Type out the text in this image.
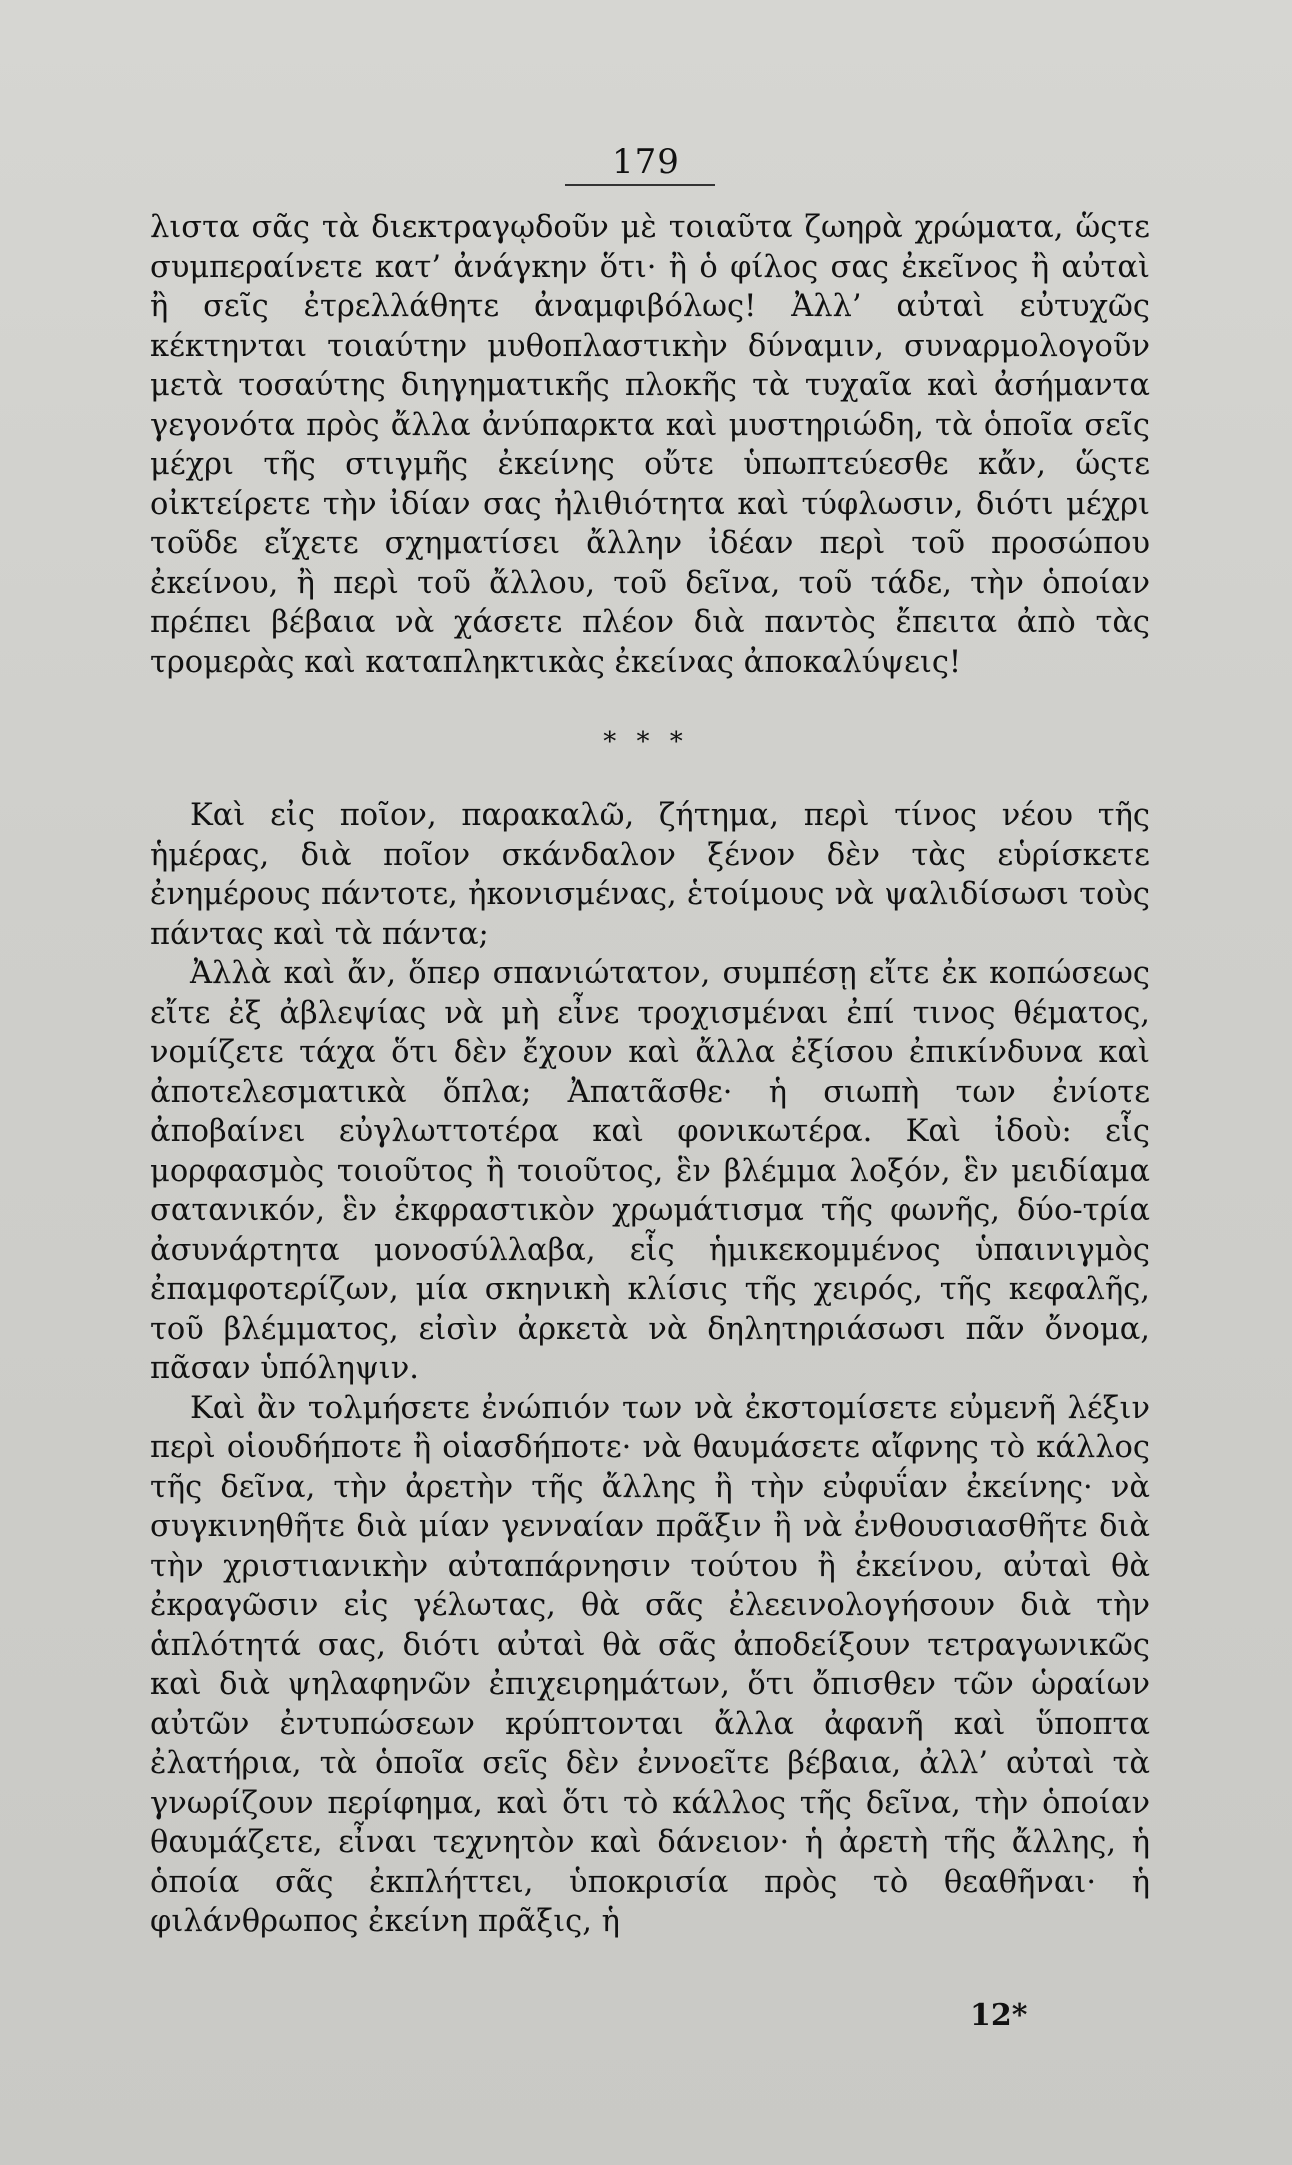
179

λιστα σᾶς τὰ διεκτραγῳδοῦν μὲ τοιαῦτα ζωηρὰ χρώματα, ὥςτε συμπεραίνετε κατ’ ἀνάγκην ὅτι· ἢ ὁ φίλος σας ἐκεῖνος ἢ αὐταὶ ἢ σεῖς ἐτρελλάθητε ἀναμφιβόλως! Ἀλλ’ αὐταὶ εὐτυχῶς κέκτηνται τοιαύτην μυθοπλαστικὴν δύναμιν, συναρμολογοῦν μετὰ τοσαύτης διηγηματικῆς πλοκῆς τὰ τυχαῖα καὶ ἀσήμαντα γεγονότα πρὸς ἄλλα ἀνύπαρκτα καὶ μυστηριώδη, τὰ ὁποῖα σεῖς μέχρι τῆς στιγμῆς ἐκείνης οὔτε ὑπωπτεύεσθε κἄν, ὥςτε οἰκτείρετε τὴν ἰδίαν σας ἠλιθιότητα καὶ τύφλωσιν, διότι μέχρι τοῦδε εἴχετε σχηματίσει ἄλλην ἰδέαν περὶ τοῦ προσώπου ἐκείνου, ἢ περὶ τοῦ ἄλλου, τοῦ δεῖνα, τοῦ τάδε, τὴν ὁποίαν πρέπει βέβαια νὰ χάσετε πλέον διὰ παντὸς ἔπειτα ἀπὸ τὰς τρομερὰς καὶ καταπληκτικὰς ἐκείνας ἀποκαλύψεις!

* * *

Καὶ εἰς ποῖον, παρακαλῶ, ζήτημα, περὶ τίνος νέου τῆς ἡμέρας, διὰ ποῖον σκάνδαλον ξένον δὲν τὰς εὑρίσκετε ἐνημέρους πάντοτε, ἠκονισμένας, ἑτοίμους νὰ ψαλιδίσωσι τοὺς πάντας καὶ τὰ πάντα;

Ἀλλὰ καὶ ἄν, ὅπερ σπανιώτατον, συμπέσῃ εἴτε ἐκ κοπώσεως εἴτε ἐξ ἀβλεψίας νὰ μὴ εἶνε τροχισμέναι ἐπί τινος θέματος, νομίζετε τάχα ὅτι δὲν ἔχουν καὶ ἄλλα ἐξίσου ἐπικίνδυνα καὶ ἀποτελεσματικὰ ὅπλα; Ἀπατᾶσθε· ἡ σιωπὴ των ἐνίοτε ἀποβαίνει εὐγλωττοτέρα καὶ φονικωτέρα. Καὶ ἰδοὺ: εἷς μορφασμὸς τοιοῦτος ἢ τοιοῦτος, ἓν βλέμμα λοξόν, ἓν μειδίαμα σατανικόν, ἓν ἐκφραστικὸν χρωμάτισμα τῆς φωνῆς, δύο-τρία ἀσυνάρτητα μονοσύλλαβα, εἷς ἡμικεκομμένος ὑπαινιγμὸς ἐπαμφοτερίζων, μία σκηνικὴ κλίσις τῆς χειρός, τῆς κεφαλῆς, τοῦ βλέμματος, εἰσὶν ἀρκετὰ νὰ δηλητηριάσωσι πᾶν ὄνομα, πᾶσαν ὑπόληψιν.

Καὶ ἂν τολμήσετε ἐνώπιόν των νὰ ἐκστομίσετε εὐμενῆ λέξιν περὶ οἱουδήποτε ἢ οἱασδήποτε· νὰ θαυμάσετε αἴφνης τὸ κάλλος τῆς δεῖνα, τὴν ἀρετὴν τῆς ἄλλης ἢ τὴν εὐφυΐαν ἐκείνης· νὰ συγκινηθῆτε διὰ μίαν γενναίαν πρᾶξιν ἢ νὰ ἐνθουσιασθῆτε διὰ τὴν χριστιανικὴν αὐταπάρνησιν τούτου ἢ ἐκείνου, αὐταὶ θὰ ἐκραγῶσιν εἰς γέλωτας, θὰ σᾶς ἐλεεινολογήσουν διὰ τὴν ἁπλότητά σας, διότι αὐταὶ θὰ σᾶς ἀποδείξουν τετραγωνικῶς καὶ διὰ ψηλαφηνῶν ἐπιχειρημάτων, ὅτι ὄπισθεν τῶν ὡραίων αὐτῶν ἐντυπώσεων κρύπτονται ἄλλα ἀφανῆ καὶ ὕποπτα ἐλατήρια, τὰ ὁποῖα σεῖς δὲν ἐννοεῖτε βέβαια, ἀλλ’ αὐταὶ τὰ γνωρίζουν περίφημα, καὶ ὅτι τὸ κάλλος τῆς δεῖνα, τὴν ὁποίαν θαυμάζετε, εἶναι τεχνητὸν καὶ δάνειον· ἡ ἀρετὴ τῆς ἄλλης, ἡ ὁποία σᾶς ἐκπλήττει, ὑποκρισία πρὸς τὸ θεαθῆναι· ἡ φιλάνθρωπος ἐκείνη πρᾶξις, ἡ

12*
